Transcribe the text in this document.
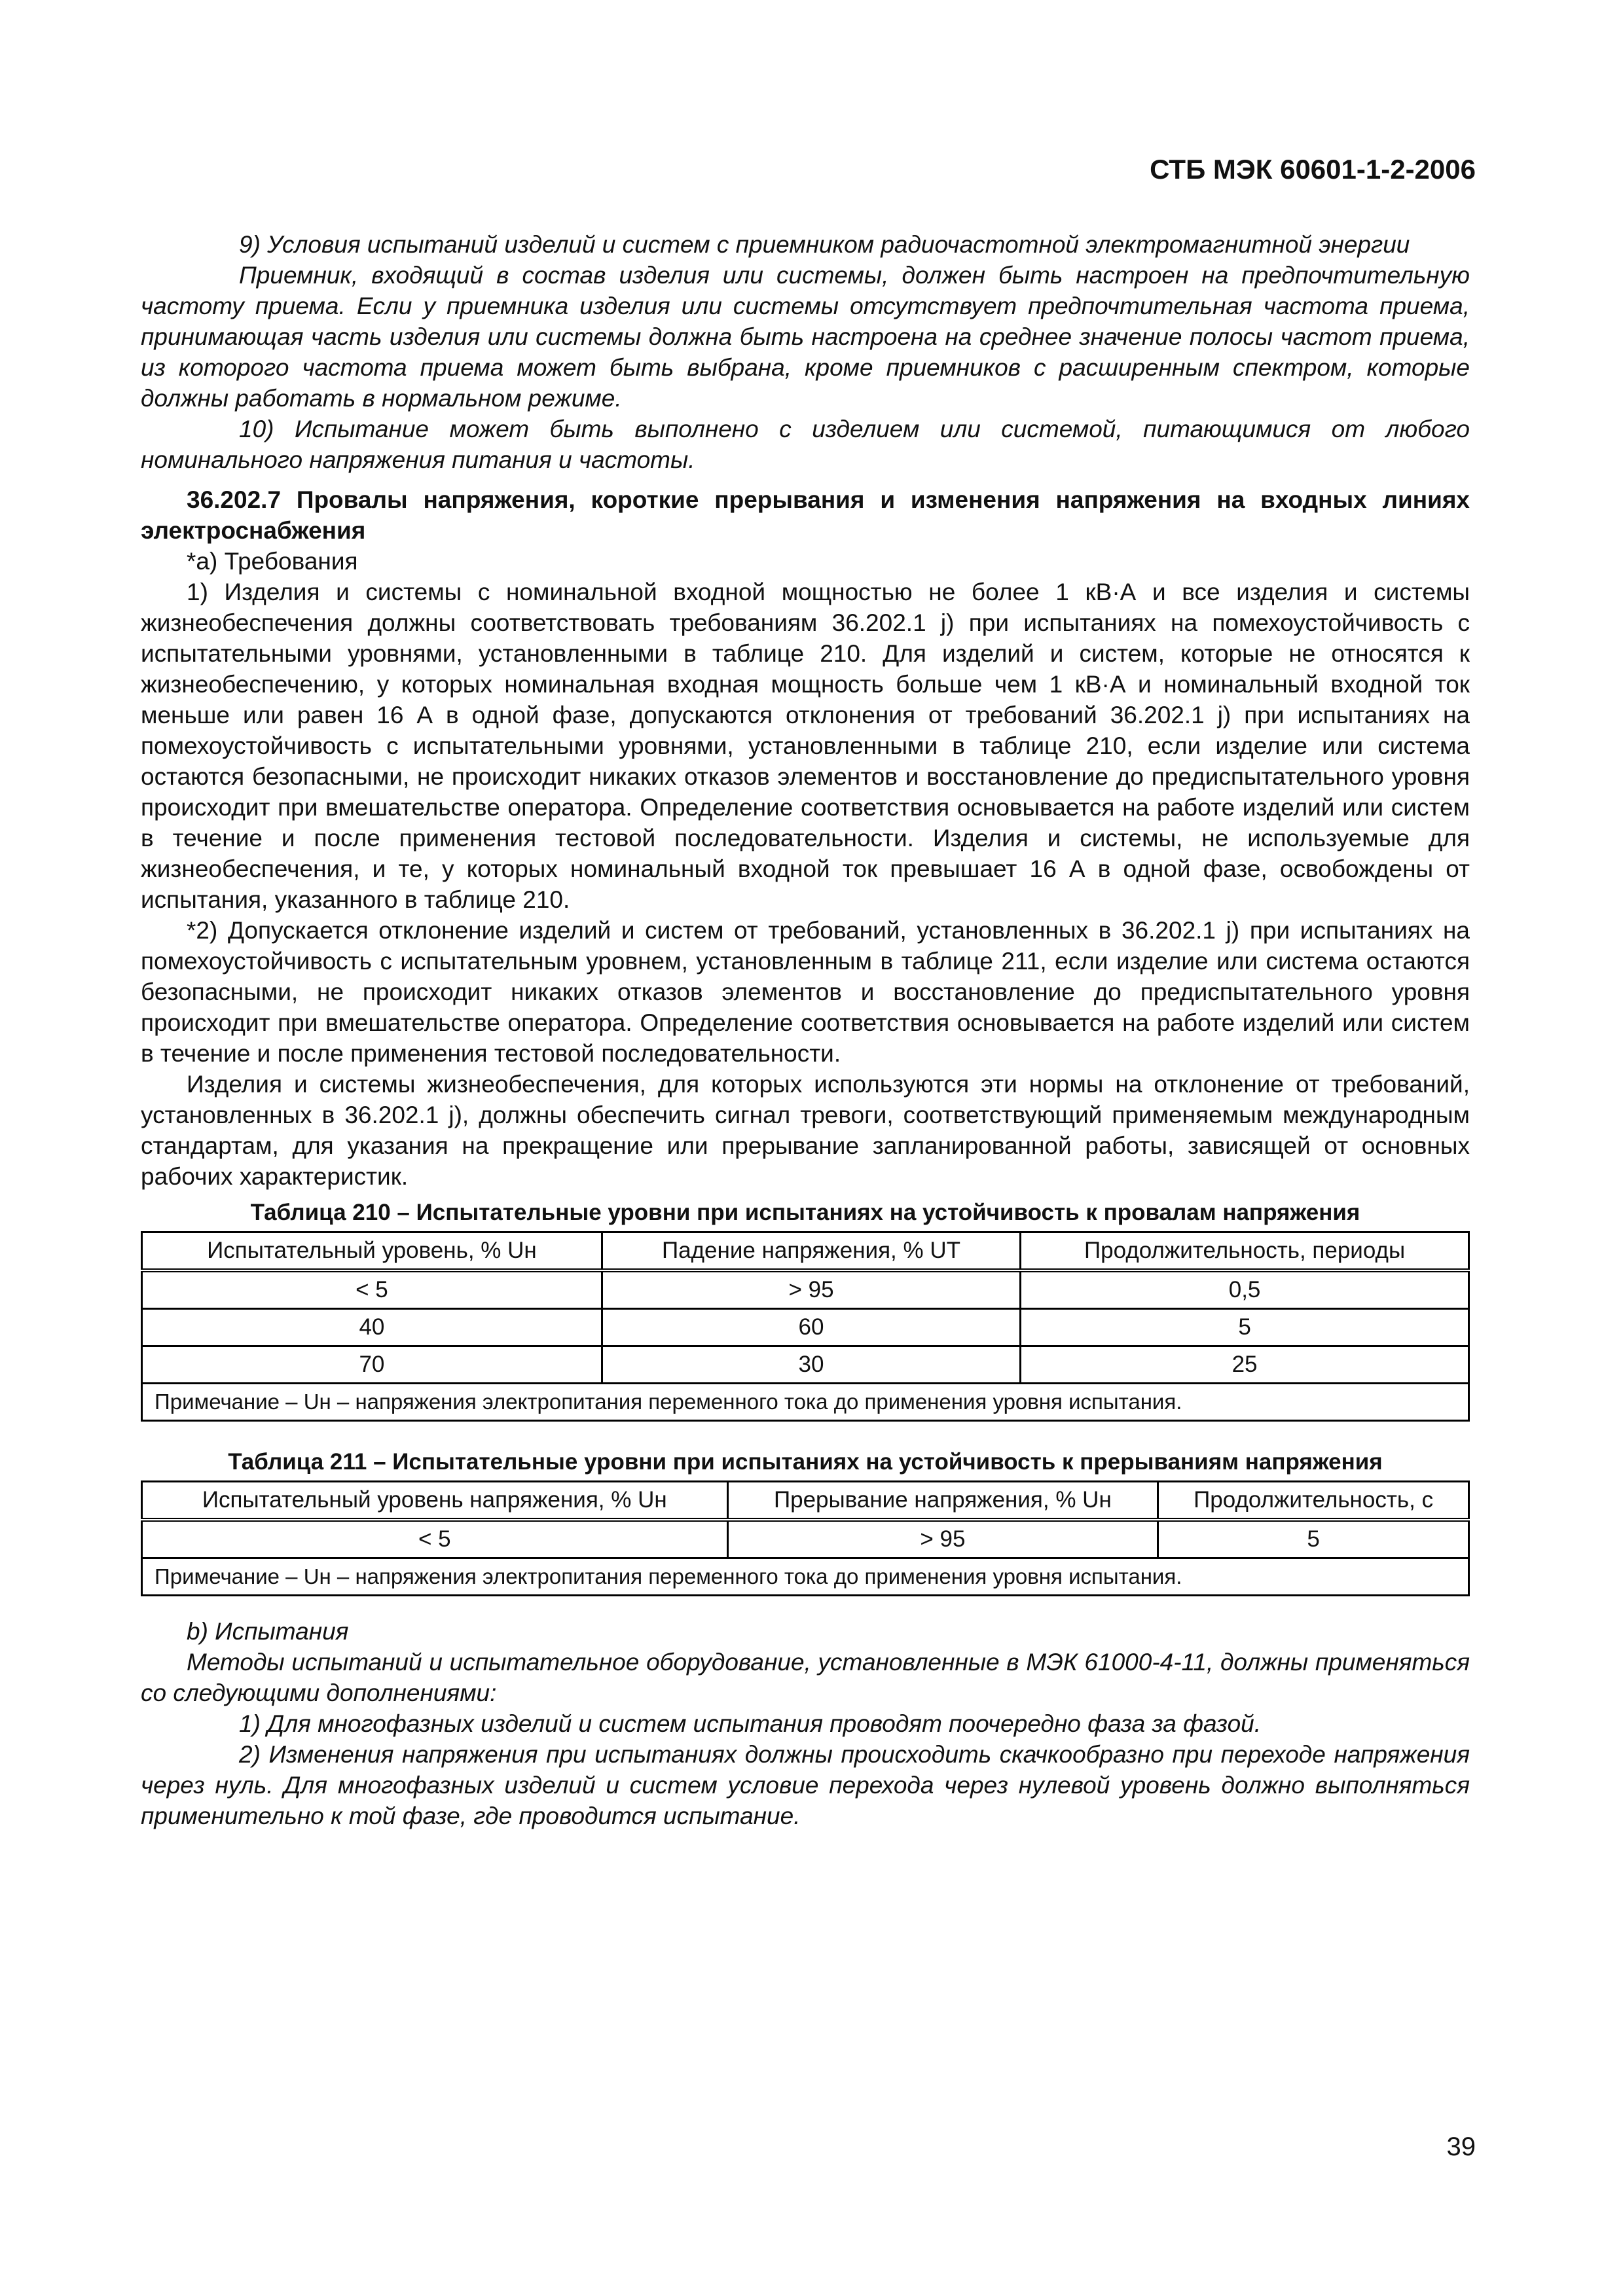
СТБ МЭК 60601-1-2-2006

9) Условия испытаний изделий и систем с приемником радиочастотной электромагнитной энергии

Приемник, входящий в состав изделия или системы, должен быть настроен на предпочтительную частоту приема. Если у приемника изделия или системы отсутствует предпочтительная частота приема, принимающая часть изделия или системы должна быть настроена на среднее значение полосы частот приема, из которого частота приема может быть выбрана, кроме приемников с расширенным спектром, которые должны работать в нормальном режиме.

10) Испытание может быть выполнено с изделием или системой, питающимися от любого номинального напряжения питания и частоты.

36.202.7 Провалы напряжения, короткие прерывания и изменения напряжения на входных линиях электроснабжения

*a) Требования

1) Изделия и системы с номинальной входной мощностью не более 1 кВ·А и все изделия и системы жизнеобеспечения должны соответствовать требованиям 36.202.1 j) при испытаниях на помехоустойчивость с испытательными уровнями, установленными в таблице 210. Для изделий и систем, которые не относятся к жизнеобеспечению, у которых номинальная входная мощность больше чем 1 кВ·А и номинальный входной ток меньше или равен 16 А в одной фазе, допускаются отклонения от требований 36.202.1 j) при испытаниях на помехоустойчивость с испытательными уровнями, установленными в таблице 210, если изделие или система остаются безопасными, не происходит никаких отказов элементов и восстановление до предиспытательного уровня происходит при вмешательстве оператора. Определение соответствия основывается на работе изделий или систем в течение и после применения тестовой последовательности. Изделия и системы, не используемые для жизнеобеспечения, и те, у которых номинальный входной ток превышает 16 А в одной фазе, освобождены от испытания, указанного в таблице 210.

*2) Допускается отклонение изделий и систем от требований, установленных в 36.202.1 j) при испытаниях на помехоустойчивость с испытательным уровнем, установленным в таблице 211, если изделие или система остаются безопасными, не происходит никаких отказов элементов и восстановление до предиспытательного уровня происходит при вмешательстве оператора. Определение соответствия основывается на работе изделий или систем в течение и после применения тестовой последовательности.

Изделия и системы жизнеобеспечения, для которых используются эти нормы на отклонение от требований, установленных в 36.202.1 j), должны обеспечить сигнал тревоги, соответствующий применяемым международным стандартам, для указания на прекращение или прерывание запланированной работы, зависящей от основных рабочих характеристик.

Таблица 210 – Испытательные уровни при испытаниях на устойчивость к провалам напряжения
Испытательный уровень, % Uн	Падение напряжения, % UT	Продолжительность, периоды
< 5	> 95	0,5
40	60	5
70	30	25
Примечание – Uн – напряжения электропитания переменного тока до применения уровня испытания.		
Таблица 211 – Испытательные уровни при испытаниях на устойчивость к прерываниям напряжения
Испытательный уровень напряжения, % Uн	Прерывание напряжения, % Uн	Продолжительность, с
< 5	> 95	5
Примечание – Uн – напряжения электропитания переменного тока до применения уровня испытания.		

b) Испытания

Методы испытаний и испытательное оборудование, установленные в МЭК 61000-4-11, должны применяться со следующими дополнениями:

1) Для многофазных изделий и систем испытания проводят поочередно фаза за фазой.

2) Изменения напряжения при испытаниях должны происходить скачкообразно при переходе напряжения через нуль. Для многофазных изделий и систем условие перехода через нулевой уровень должно выполняться применительно к той фазе, где проводится испытание.

39
